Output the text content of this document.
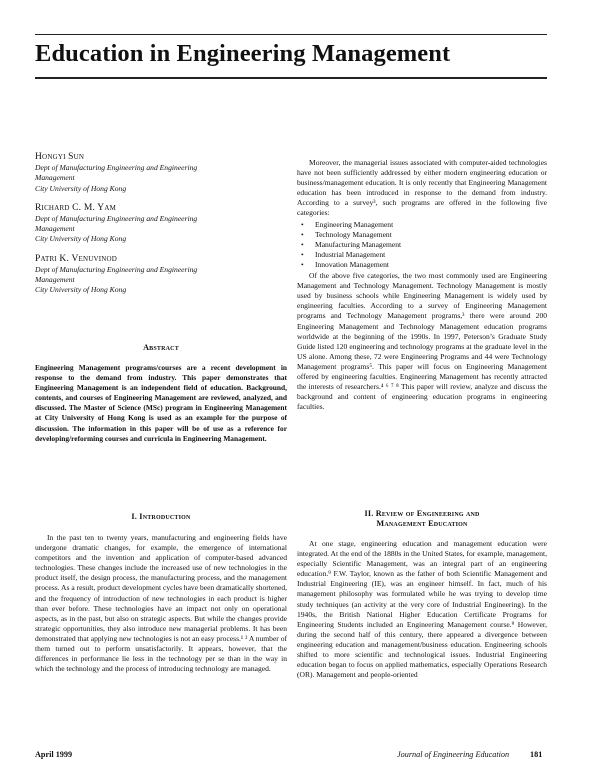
Education in Engineering Management
Hongyi Sun
Dept of Manufacturing Engineering and Engineering
Management
City University of Hong Kong
Richard C. M. Yam
Dept of Manufacturing Engineering and Engineering
Management
City University of Hong Kong
Patri K. Venuvinod
Dept of Manufacturing Engineering and Engineering
Management
City University of Hong Kong
Abstract
Engineering Management programs/courses are a recent development in response to the demand from industry. This paper demonstrates that Engineering Management is an independent field of education. Background, contents, and courses of Engineering Management are reviewed, analyzed, and discussed. The Master of Science (MSc) program in Engineering Management at City University of Hong Kong is used as an example for the purpose of discussion. The information in this paper will be of use as a reference for developing/reforming courses and curricula in Engineering Management.
I. Introduction

In the past ten to twenty years, manufacturing and engineering fields have undergone dramatic changes, for example, the emergence of international competitors and the invention and application of computer-based advanced technologies. These changes include the increased use of new technologies in the product itself, the design process, the manufacturing process, and the management process. As a result, product development cycles have been dramatically shortened, and the frequency of introduction of new technologies in each product is higher than ever before. These technologies have an impact not only on operational aspects, as in the past, but also on strategic aspects. But while the changes provide strategic opportunities, they also introduce new managerial problems. It has been demonstrated that applying new technologies is not an easy process.¹ ² A number of them turned out to perform unsatisfactorily. It appears, however, that the differences in performance lie less in the technology per se than in the way in which the technology and the process of introducing technology are managed.

Moreover, the managerial issues associated with computer-aided technologies have not been sufficiently addressed by either modern engineering education or business/management education. It is only recently that Engineering Management education has been introduced in response to the demand from industry. According to a survey³, such programs are offered in the following five categories:

•	Engineering Management
•	Technology Management
•	Manufacturing Management
•	Industrial Management
•	Innovation Management

Of the above five categories, the two most commonly used are Engineering Management and Technology Management. Technology Management is mostly used by business schools while Engineering Management is widely used by engineering faculties. According to a survey of Engineering Management programs and Technology Management programs,³ there were around 200 Engineering Management and Technology Management education programs worldwide at the beginning of the 1990s. In 1997, Peterson’s Graduate Study Guide listed 120 engineering and technology programs at the graduate level in the US alone. Among these, 72 were Engineering Programs and 44 were Technology Management programs⁵. This paper will focus on Engineering Management offered by engineering faculties. Engineering Management has recently attracted the interests of researchers.⁴ ⁶ ⁷ ⁸ This paper will review, analyze and discuss the background and content of engineering education programs in engineering faculties.

II. Review of Engineering and
Management Education

At one stage, engineering education and management education were integrated. At the end of the 1880s in the United States, for example, management, especially Scientific Management, was an integral part of an engineering education.⁹ F.W. Taylor, known as the father of both Scientific Management and Industrial Engineering (IE), was an engineer himself. In fact, much of his management philosophy was formulated while he was trying to develop time study techniques (an activity at the very core of Industrial Engineering). In the 1940s, the British National Higher Education Certificate Programs for Engineering Students included an Engineering Management course.⁹ However, during the second half of this century, there appeared a divergence between engineering education and management/business education. Engineering schools shifted to more scientific and technological issues. Industrial Engineering education began to focus on applied mathematics, especially Operations Research (OR). Management and people-oriented

April 1999	Journal of Engineering Education	181
